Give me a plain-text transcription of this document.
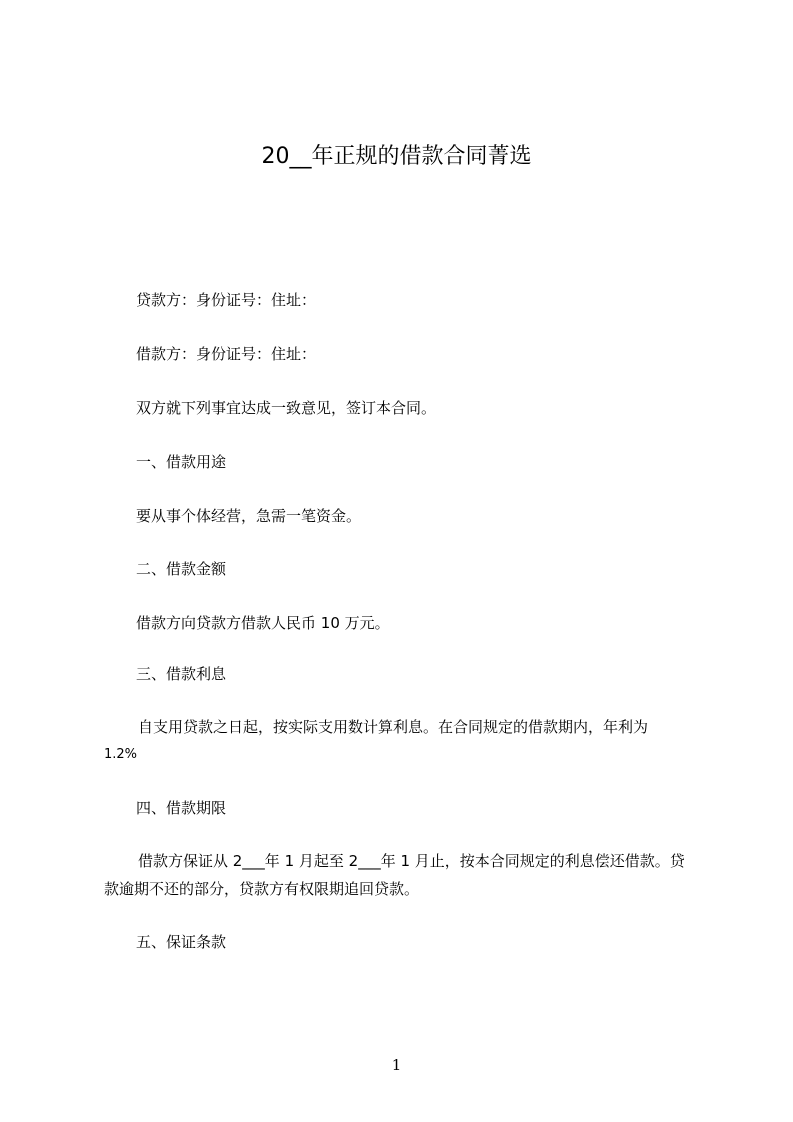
20__年正规的借款合同菁选
贷款方：身份证号：住址：
借款方：身份证号：住址：
双方就下列事宜达成一致意见，签订本合同。
一、借款用途
要从事个体经营，急需一笔资金。
二、借款金额
借款方向贷款方借款人民币 10 万元。
三、借款利息
自支用贷款之日起，按实际支用数计算利息。在合同规定的借款期内，年利为
1.2%
四、借款期限
借款方保证从 2___年 1 月起至 2___年 1 月止，按本合同规定的利息偿还借款。贷
款逾期不还的部分，贷款方有权限期追回贷款。
五、保证条款
1
